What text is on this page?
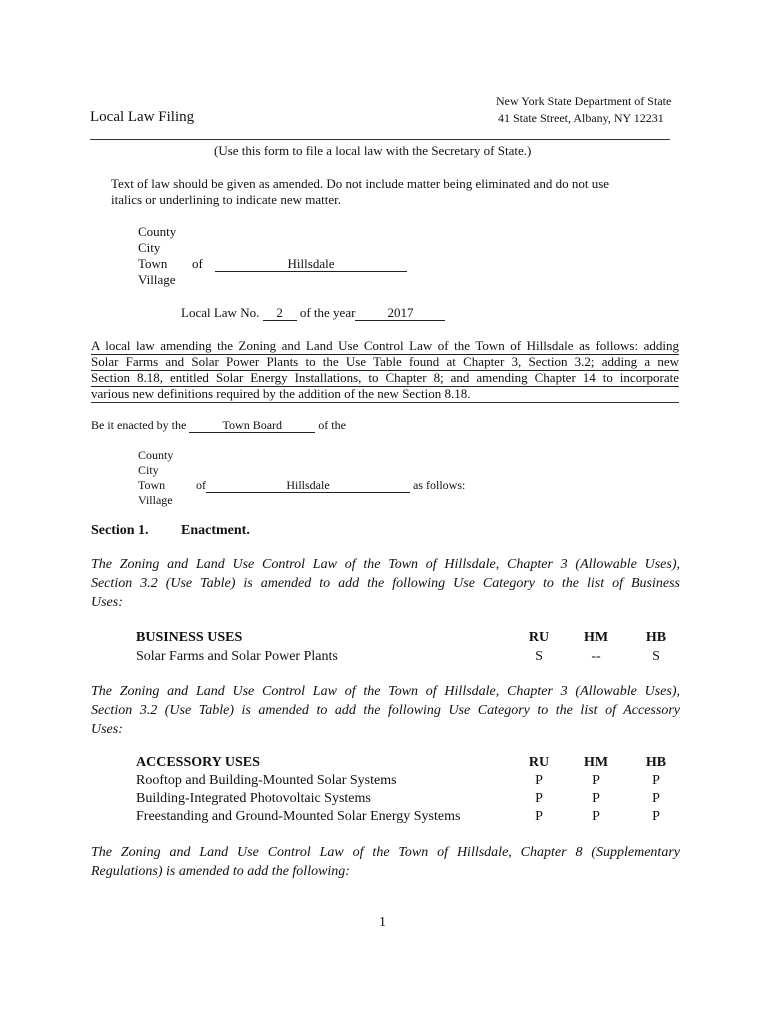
New York State Department of State
41 State Street, Albany, NY 12231
Local Law Filing
(Use this form to file a local law with the Secretary of State.)
Text of law should be given as amended. Do not include matter being eliminated and do not use
italics or underlining to indicate new matter.
County
City
Town
Village
of	Hillsdale
Local Law No. 2 of the year 2017
A local law amending the Zoning and Land Use Control Law of the Town of Hillsdale as follows: adding
Solar Farms and Solar Power Plants to the Use Table found at Chapter 3, Section 3.2; adding a new
Section 8.18, entitled Solar Energy Installations, to Chapter 8; and amending Chapter 14 to incorporate
various new definitions required by the addition of the new Section 8.18.
Be it enacted by the	Town Board	of the
County
City
Town
Village
of	Hillsdale	as follows:
Section 1. Enactment.
The Zoning and Land Use Control Law of the Town of Hillsdale, Chapter 3 (Allowable Uses),
Section 3.2 (Use Table) is amended to add the following Use Category to the list of Business
Uses:
BUSINESS USES	RU	HM	HB
Solar Farms and Solar Power Plants	S	--	S
The Zoning and Land Use Control Law of the Town of Hillsdale, Chapter 3 (Allowable Uses),
Section 3.2 (Use Table) is amended to add the following Use Category to the list of Accessory
Uses:
ACCESSORY USES	RU	HM	HB
Rooftop and Building-Mounted Solar Systems	P	P	P
Building-Integrated Photovoltaic Systems	P	P	P
Freestanding and Ground-Mounted Solar Energy Systems	P	P	P
The Zoning and Land Use Control Law of the Town of Hillsdale, Chapter 8 (Supplementary
Regulations) is amended to add the following:
1
